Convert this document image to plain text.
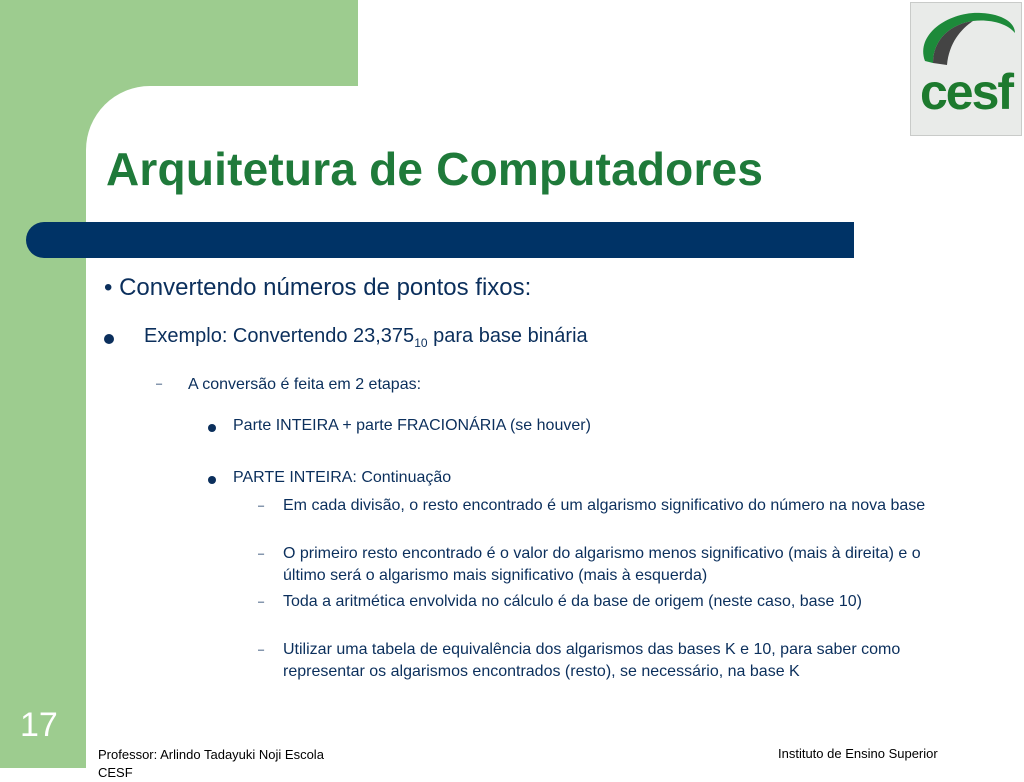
cesf
Arquitetura de Computadores
• Convertendo números de pontos fixos:
Exemplo: Convertendo $23,375_{10}$ para base binária
– A conversão é feita em 2 etapas:
Parte INTEIRA + parte FRACIONÁRIA (se houver)
PARTE INTEIRA: Continuação
– Em cada divisão, o resto encontrado é um algarismo significativo do número na nova base
– O primeiro resto encontrado é o valor do algarismo menos significativo (mais à direita) e o último será o algarismo mais significativo (mais à esquerda)
– Toda a aritmética envolvida no cálculo é da base de origem (neste caso, base 10)
– Utilizar uma tabela de equivalência dos algarismos das bases K e 10, para saber como representar os algarismos encontrados (resto), se necessário, na base K
17
Professor: Arlindo Tadayuki Noji Escola CESF
Instituto de Ensino Superior
